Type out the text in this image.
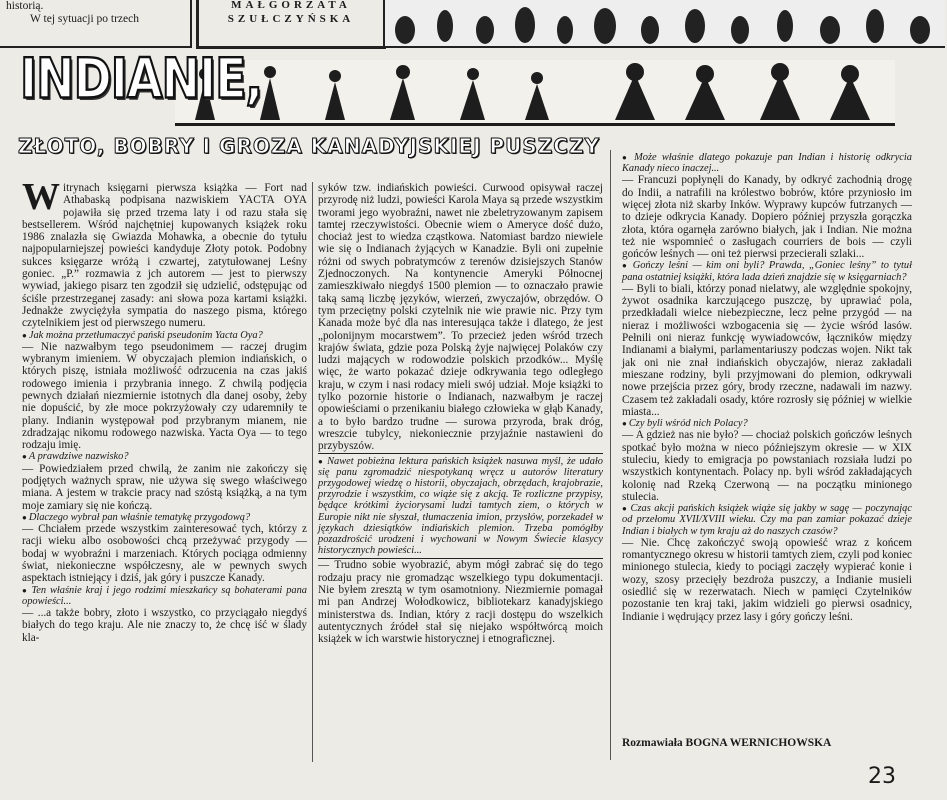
historią.
W tej sytuacji po trzech
MAŁGORZATA
SZUŁCZYŃSKA
INDIANIE,
ZŁOTO, BOBRY I GROZA KANADYJSKIEJ PUSZCZY

Witrynach księgarni pierwsza książka — Fort nad Athabaską podpisana nazwiskiem YACTA OYA pojawiła się przed trzema laty i od razu stała się bestsellerem. Wśród najchętniej kupowanych książek roku 1986 znalazła się Gwiazda Mohawka, a obecnie do tytułu najpopularniejszej powieści kandyduje Złoty potok. Podobny sukces księgarze wróżą i czwartej, zatytułowanej Leśny goniec. „P.” rozmawia z jch autorem — jest to pierwszy wywiad, jakiego pisarz ten zgodził się udzielić, odstępując od ściśle przestrzeganej zasady: ani słowa poza kartami książki. Jednakże zwyciężyła sympatia do naszego pisma, którego czytelnikiem jest od pierwszego numeru.

● Jak można przetłumaczyć pański pseudonim Yacta Oya?

— Nie nazwałbym tego pseudonimem — raczej drugim wybranym imieniem. W obyczajach plemion indiańskich, o których piszę, istniała możliwość odrzucenia na czas jakiś rodowego imienia i przybrania innego. Z chwilą podjęcia pewnych działań niezmiernie istotnych dla danej osoby, żeby nie dopuścić, by złe moce pokrzyżowały czy udaremniły te plany. Indianin występował pod przybranym mianem, nie zdradzając nikomu rodowego nazwiska. Yacta Oya — to tego rodzaju imię.

● A prawdziwe nazwisko?

— Powiedziałem przed chwilą, że zanim nie zakończy się podjętych ważnych spraw, nie używa się swego właściwego miana. A jestem w trakcie pracy nad szóstą książką, a na tym moje zamiary się nie kończą.

● Dlaczego wybrał pan właśnie tematykę przygodową?

— Chciałem przede wszystkim zainteresować tych, którzy z racji wieku albo osobowości chcą przeżywać przygody — bodaj w wyobraźni i marzeniach. Których pociąga odmienny świat, niekonieczne współczesny, ale w pewnych swych aspektach istniejący i dziś, jak góry i puszcze Kanady.

● Ten właśnie kraj i jego rodzimi mieszkańcy są bohaterami pana opowieści...

— ...a także bobry, złoto i wszystko, co przyciągało niegdyś białych do tego kraju. Ale nie znaczy to, że chcę iść w ślady kla-

syków tzw. indiańskich powieści. Curwood opisywał raczej przyrodę niż ludzi, powieści Karola Maya są przede wszystkim tworami jego wyobraźni, nawet nie zbeletryzowanym zapisem tamtej rzeczywistości. Obecnie wiem o Ameryce dość dużo, chociaż jest to wiedza cząstkowa. Natomiast bardzo niewiele wie się o Indianach żyjących w Kanadzie. Byli oni zupełnie różni od swych pobratymców z terenów dzisiejszych Stanów Zjednoczonych. Na kontynencie Ameryki Północnej zamieszkiwało niegdyś 1500 plemion — to oznaczało prawie taką samą liczbę języków, wierzeń, zwyczajów, obrzędów. O tym przeciętny polski czytelnik nie wie prawie nic. Przy tym Kanada może być dla nas interesująca także i dlatego, że jest „polonijnym mocarstwem”. To przecież jeden wśród trzech krajów świata, gdzie poza Polską żyje najwięcej Polaków czy ludzi mających w rodowodzie polskich przodków... Myślę więc, że warto pokazać dzieje odkrywania tego odległego kraju, w czym i nasi rodacy mieli swój udział. Moje książki to tylko pozornie historie o Indianach, nazwałbym je raczej opowieściami o przenikaniu białego człowieka w głąb Kanady, a to było bardzo trudne — surowa przyroda, brak dróg, wreszcie tubylcy, niekoniecznie przyjaźnie nastawieni do przybyszów.

● Nawet pobieżna lektura pańskich książek nasuwa myśl, że udało się panu zgromadzić niespotykaną wręcz u autorów literatury przygodowej wiedzę o historii, obyczajach, obrzędach, krajobrazie, przyrodzie i wszystkim, co wiąże się z akcją. Te rozliczne przypisy, będące krótkimi życiorysami ludzi tamtych ziem, o których w Europie nikt nie słyszał, tłumaczenia imion, przysłów, porzekadeł w językach dziesiątków indiańskich plemion. Trzeba pomógłby pozazdrościć urodzeni i wychowani w Nowym Świecie klasycy historycznych powieści...

— Trudno sobie wyobrazić, abym mógł zabrać się do tego rodzaju pracy nie gromadząc wszelkiego typu dokumentacji. Nie byłem zresztą w tym osamotniony. Niezmiernie pomagał mi pan Andrzej Wołodkowicz, bibliotekarz kanadyjskiego ministerstwa ds. Indian, który z racji dostępu do wszelkich autentycznych źródeł stał się niejako współtwórcą moich książek w ich warstwie historycznej i etnograficznej.

● Może właśnie dlatego pokazuje pan Indian i historię odkrycia Kanady nieco inaczej...

— Francuzi popłynęli do Kanady, by odkryć zachodnią drogę do Indii, a natrafili na królestwo bobrów, które przyniosło im więcej złota niż skarby Inków. Wyprawy kupców futrzanych — to dzieje odkrycia Kanady. Dopiero później przyszła gorączka złota, która ogarnęła zarówno białych, jak i Indian. Nie można też nie wspomnieć o zasługach courriers de bois — czyli gońców leśnych — oni też pierwsi przecierali szlaki...

● Gończy leśni — kim oni byli? Prawda, „Goniec leśny” to tytuł pana ostatniej książki, która lada dzień znajdzie się w księgarniach?

— Byli to biali, którzy ponad nielatwy, ale względnie spokojny, żywot osadnika karczującego puszczę, by uprawiać pola, przedkładali wielce niebezpieczne, lecz pełne przygód — na nieraz i możliwości wzbogacenia się — życie wśród lasów. Pełnili oni nieraz funkcję wywiadowców, łączników między Indianami a białymi, parlamentariuszy podczas wojen. Nikt tak jak oni nie znał indiańskich obyczajów, nieraz zakładali mieszane rodziny, byli przyjmowani do plemion, odkrywali nowe przejścia przez góry, brody rzeczne, nadawali im nazwy. Czasem też zakładali osady, które rozrosły się później w wielkie miasta...

● Czy byli wśród nich Polacy?

— A gdzież nas nie było? — chociaż polskich gończów leśnych spotkać było można w nieco późniejszym okresie — w XIX stuleciu, kiedy to emigracja po powstaniach rozsiała ludzi po wszystkich kontynentach. Polacy np. byli wśród zakładających kolonię nad Rzeką Czerwoną — na początku minionego stulecia.

● Czas akcji pańskich książek wiąże się jakby w sagę — poczynając od przełomu XVII/XVIII wieku. Czy ma pan zamiar pokazać dzieje Indian i białych w tym kraju aż do naszych czasów?

— Nie. Chcę zakończyć swoją opowieść wraz z końcem romantycznego okresu w historii tamtych ziem, czyli pod koniec minionego stulecia, kiedy to pociągi zaczęły wypierać konie i wozy, szosy przecięły bezdroża puszczy, a Indianie musieli osiedlić się w rezerwatach. Niech w pamięci Czytelników pozostanie ten kraj taki, jakim widzieli go pierwsi osadnicy, Indianie i wędrujący przez lasy i góry gończy leśni.

Rozmawiała BOGNA WERNICHOWSKA
23
